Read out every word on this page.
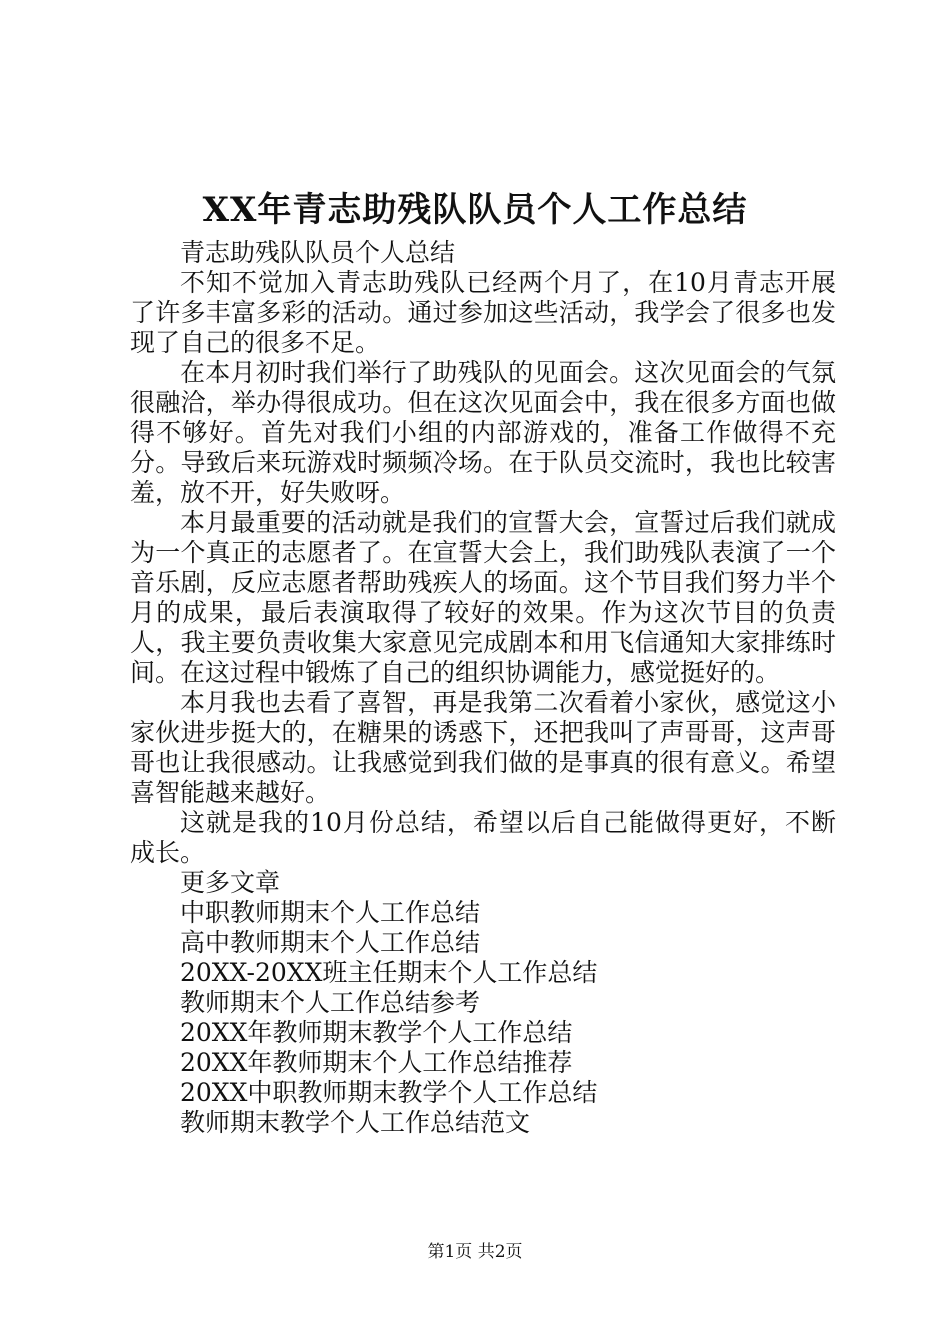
XX年青志助残队队员个人工作总结

青志助残队队员个人总结

不知不觉加入青志助残队已经两个月了，在10月青志开展了许多丰富多彩的活动。通过参加这些活动，我学会了很多也发现了自己的很多不足。

在本月初时我们举行了助残队的见面会。这次见面会的气氛很融洽，举办得很成功。但在这次见面会中，我在很多方面也做得不够好。首先对我们小组的内部游戏的，准备工作做得不充分。导致后来玩游戏时频频冷场。在于队员交流时，我也比较害羞，放不开，好失败呀。

本月最重要的活动就是我们的宣誓大会，宣誓过后我们就成为一个真正的志愿者了。在宣誓大会上，我们助残队表演了一个音乐剧，反应志愿者帮助残疾人的场面。这个节目我们努力半个月的成果，最后表演取得了较好的效果。作为这次节目的负责人，我主要负责收集大家意见完成剧本和用飞信通知大家排练时间。在这过程中锻炼了自己的组织协调能力，感觉挺好的。

本月我也去看了喜智，再是我第二次看着小家伙，感觉这小家伙进步挺大的，在糖果的诱惑下，还把我叫了声哥哥，这声哥哥也让我很感动。让我感觉到我们做的是事真的很有意义。希望喜智能越来越好。

这就是我的10月份总结，希望以后自己能做得更好，不断成长。

更多文章

中职教师期末个人工作总结
高中教师期末个人工作总结
20XX-20XX班主任期末个人工作总结
教师期末个人工作总结参考
20XX年教师期末教学个人工作总结
20XX年教师期末个人工作总结推荐
20XX中职教师期末教学个人工作总结
教师期末教学个人工作总结范文
第1页 共2页
